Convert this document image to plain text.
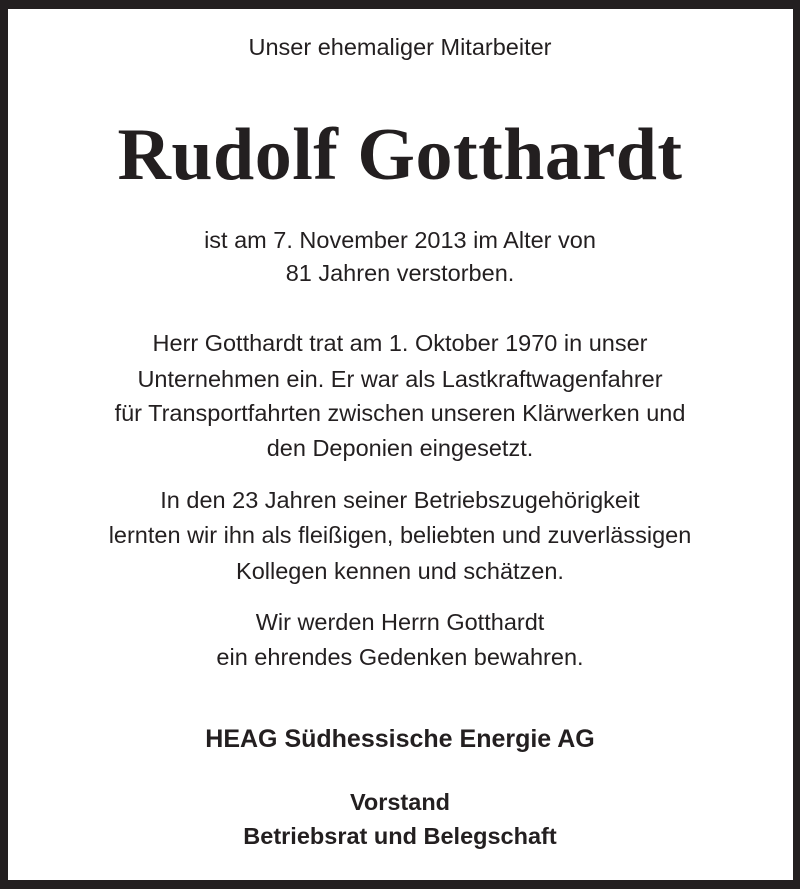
Unser ehemaliger Mitarbeiter
Rudolf Gotthardt
ist am 7. November 2013 im Alter von
81 Jahren verstorben.
Herr Gotthardt trat am 1. Oktober 1970 in unser
Unternehmen ein. Er war als Lastkraftwagenfahrer
für Transportfahrten zwischen unseren Klärwerken und
den Deponien eingesetzt.
In den 23 Jahren seiner Betriebszugehörigkeit
lernten wir ihn als fleißigen, beliebten und zuverlässigen
Kollegen kennen und schätzen.
Wir werden Herrn Gotthardt
ein ehrendes Gedenken bewahren.
HEAG Südhessische Energie AG
Vorstand
Betriebsrat und Belegschaft
